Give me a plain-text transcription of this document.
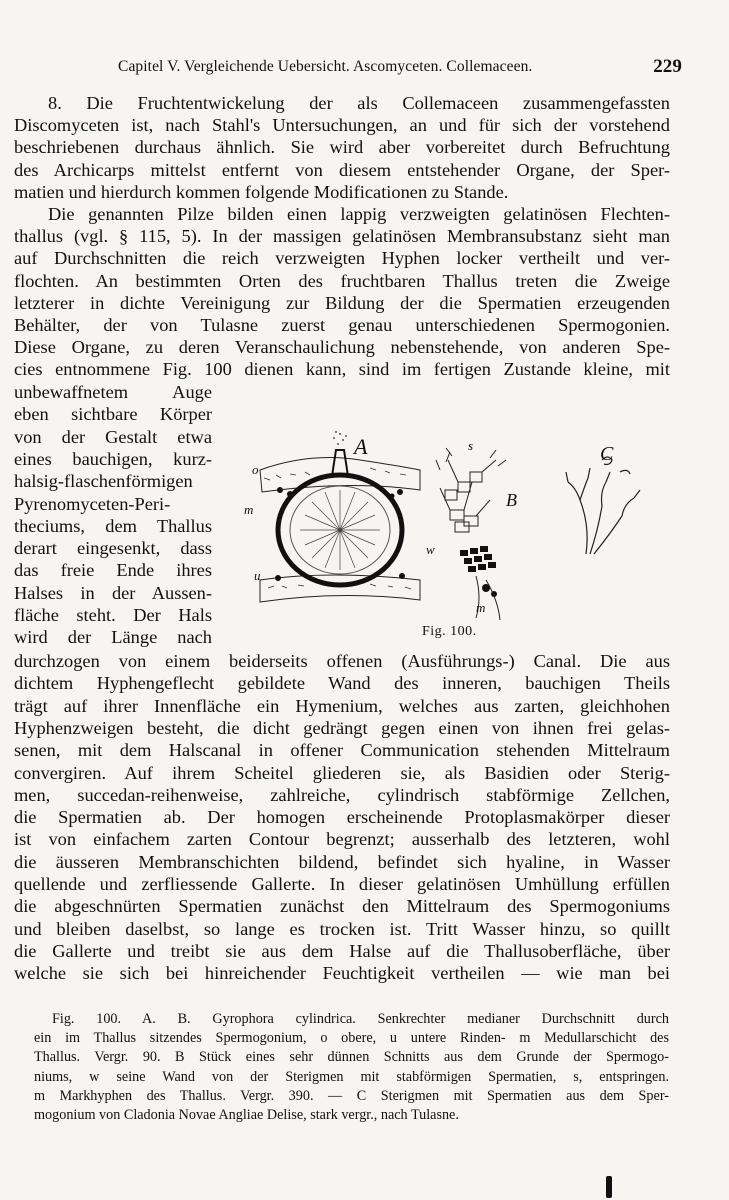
Capitel V. Vergleichende Uebersicht. Ascomyceten. Collemaceen.	229
8. Die Fruchtentwickelung der als Collemaceen zusammengefassten
Discomyceten ist, nach Stahl's Untersuchungen, an und für sich der vorstehend
beschriebenen durchaus ähnlich. Sie wird aber vorbereitet durch Befruchtung
des Archicarps mittelst entfernt von diesem entstehender Organe, der Sper-
matien und hierdurch kommen folgende Modificationen zu Stande.
Die genannten Pilze bilden einen lappig verzweigten gelatinösen Flechten-
thallus (vgl. § 115, 5). In der massigen gelatinösen Membransubstanz sieht man
auf Durchschnitten die reich verzweigten Hyphen locker vertheilt und ver-
flochten. An bestimmten Orten des fruchtbaren Thallus treten die Zweige
letzterer in dichte Vereinigung zur Bildung der die Spermatien erzeugenden
Behälter, der von Tulasne zuerst genau unterschiedenen Spermogonien.
Diese Organe, zu deren Veranschaulichung nebenstehende, von anderen Spe-
cies entnommene Fig. 100 dienen kann, sind im fertigen Zustande kleine, mit
unbewaffnetem Auge
eben sichtbare Körper
von der Gestalt etwa
eines bauchigen, kurz-
halsig-flaschenförmigen
Pyrenomyceten-Peri-
theciums, dem Thallus
derart eingesenkt, dass
das freie Ende ihres
Halses in der Aussen-
fläche steht. Der Hals
wird der Länge nach
durchzogen von einem beiderseits offenen (Ausführungs-) Canal. Die aus
dichtem Hyphengeflecht gebildete Wand des inneren, bauchigen Theils
trägt auf ihrer Innenfläche ein Hymenium, welches aus zarten, gleichhohen
Hyphenzweigen besteht, die dicht gedrängt gegen einen von ihnen frei gelas-
senen, mit dem Halscanal in offener Communication stehenden Mittelraum
convergiren. Auf ihrem Scheitel gliederen sie, als Basidien oder Sterig-
men, succedan-reihenweise, zahlreiche, cylindrisch stabförmige Zellchen,
die Spermatien ab. Der homogen erscheinende Protoplasmakörper dieser
ist von einfachem zarten Contour begrenzt; ausserhalb des letzteren, wohl
die äusseren Membranschichten bildend, befindet sich hyaline, in Wasser
quellende und zerfliessende Gallerte. In dieser gelatinösen Umhüllung erfüllen
die abgeschnürten Spermatien zunächst den Mittelraum des Spermogoniums
und bleiben daselbst, so lange es trocken ist. Tritt Wasser hinzu, so quillt
die Gallerte und treibt sie aus dem Halse auf die Thallusoberfläche, über
welche sie sich bei hinreichender Feuchtigkeit vertheilen — wie man bei
A
o
m
u
s
B
w
m
C
Fig. 100.
Fig. 100. A. B. Gyrophora cylindrica. Senkrechter medianer Durchschnitt durch
ein im Thallus sitzendes Spermogonium, o obere, u untere Rinden- m Medullarschicht des
Thallus. Vergr. 90. B Stück eines sehr dünnen Schnitts aus dem Grunde der Spermogo-
niums, w seine Wand von der Sterigmen mit stabförmigen Spermatien, s, entspringen.
m Markhyphen des Thallus. Vergr. 390. — C Sterigmen mit Spermatien aus dem Sper-
mogonium von Cladonia Novae Angliae Delise, stark vergr., nach Tulasne.
